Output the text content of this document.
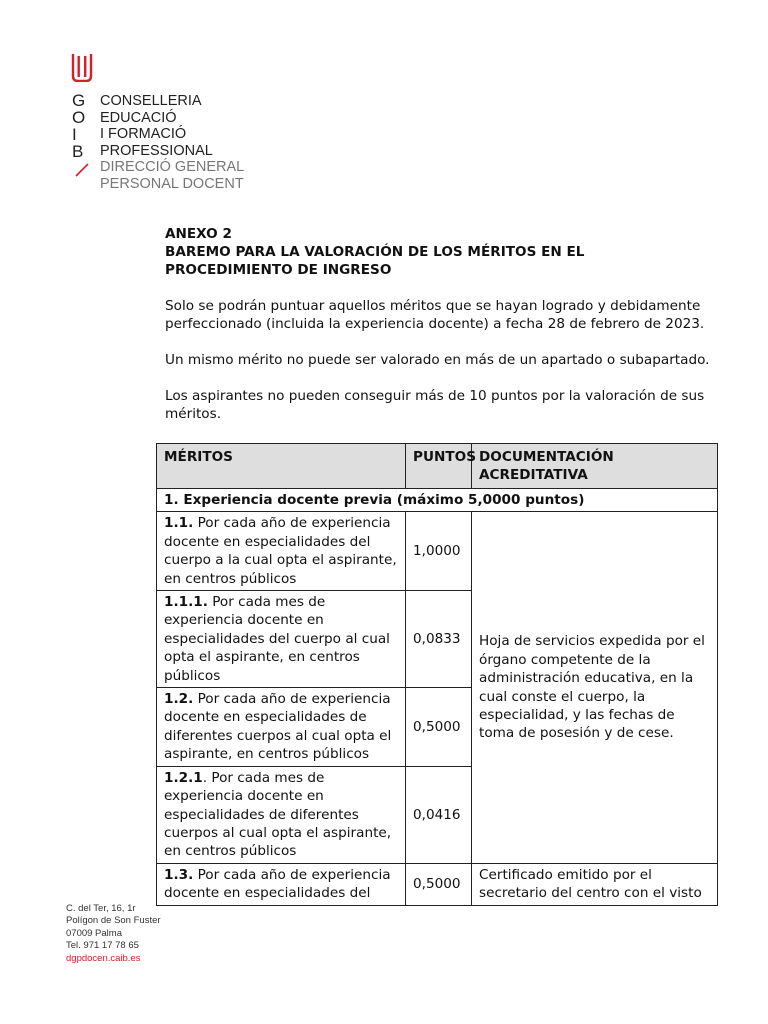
G
O
I
B
CONSELLERIA
EDUCACIÓ
I FORMACIÓ
PROFESSIONAL
DIRECCIÓ GENERAL
PERSONAL DOCENT

ANEXO 2

BAREMO PARA LA VALORACIÓN DE LOS MÉRITOS EN EL PROCEDIMIENTO DE INGRESO

Solo se podrán puntuar aquellos méritos que se hayan logrado y debidamente perfeccionado (incluida la experiencia docente) a fecha 28 de febrero de 2023.

Un mismo mérito no puede ser valorado en más de un apartado o subapartado.

Los aspirantes no pueden conseguir más de 10 puntos por la valoración de sus méritos.

MÉRITOS	PUNTOS	DOCUMENTACIÓN ACREDITATIVA
1. Experiencia docente previa (máximo 5,0000 puntos)		
1.1. Por cada año de experiencia docente en especialidades del cuerpo a la cual opta el aspirante, en centros públicos	1,0000	Hoja de servicios expedida por el órgano competente de la administración educativa, en la cual conste el cuerpo, la especialidad, y las fechas de toma de posesión y de cese.
1.1.1. Por cada mes de experiencia docente en especialidades del cuerpo al cual opta el aspirante, en centros públicos	0,0833	
1.2. Por cada año de experiencia docente en especialidades de diferentes cuerpos al cual opta el aspirante, en centros públicos	0,5000	
1.2.1. Por cada mes de experiencia docente en especialidades de diferentes cuerpos al cual opta el aspirante, en centros públicos	0,0416	
1.3. Por cada año de experiencia docente en especialidades del	0,5000	Certificado emitido por el secretario del centro con el visto
C. del Ter, 16, 1r
Polígon de Son Fuster
07009 Palma
Tel. 971 17 78 65
dgpdocen.caib.es
